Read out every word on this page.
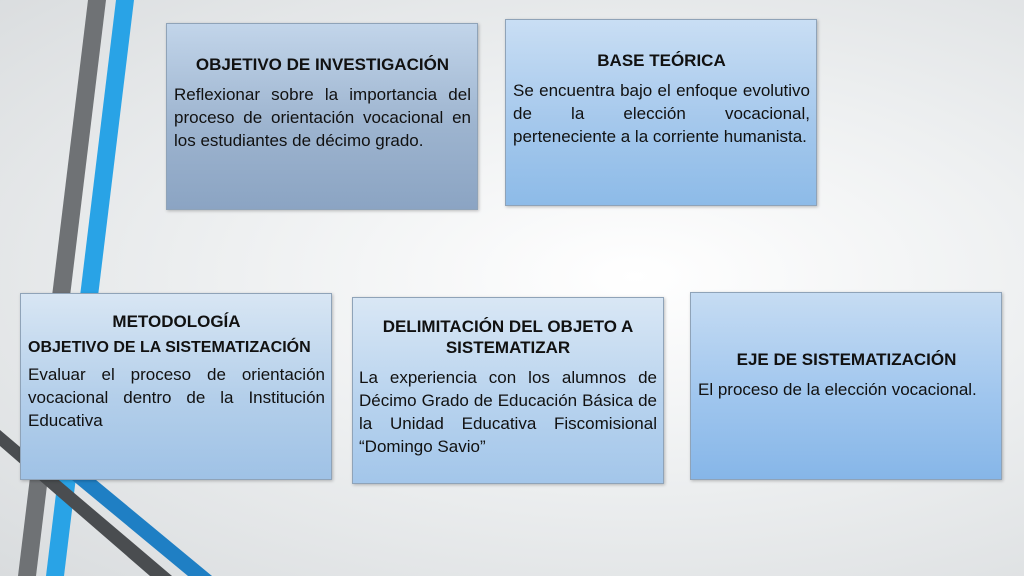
OBJETIVO DE INVESTIGACIÓN

Reflexionar sobre la importancia del proceso de orientación vocacional en los estudiantes de décimo grado.

BASE TEÓRICA

Se encuentra bajo el enfoque evolutivo de la elección vocacional, perteneciente a la corriente humanista.

METODOLOGÍA
OBJETIVO DE LA SISTEMATIZACIÓN

Evaluar el proceso de orientación vocacional dentro de la Institución Educativa

DELIMITACIÓN DEL OBJETO A SISTEMATIZAR

La experiencia con los alumnos de Décimo Grado de Educación Básica de la Unidad Educativa Fiscomisional “Domingo Savio”

EJE DE SISTEMATIZACIÓN

El proceso de la elección vocacional.
